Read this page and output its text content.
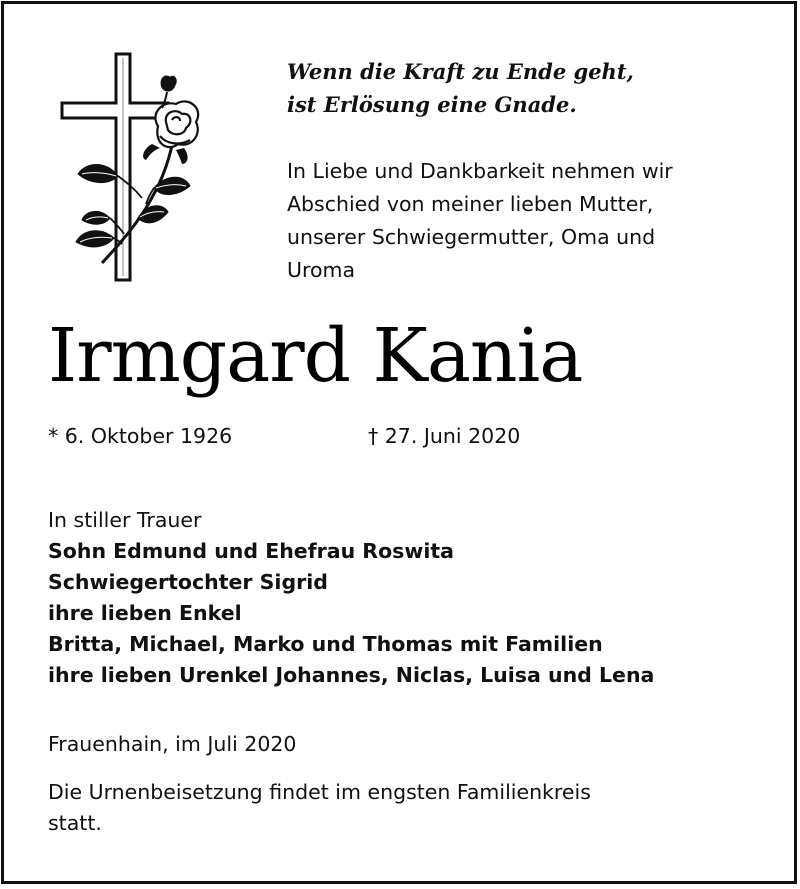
Wenn die Kraft zu Ende geht,
ist Erlösung eine Gnade.

In Liebe und Dankbarkeit nehmen wir
Abschied von meiner lieben Mutter,
unserer Schwiegermutter, Oma und
Uroma

Irmgard Kania

* 6. Oktober 1926	† 27. Juni 2020

In stiller Trauer
Sohn Edmund und Ehefrau Roswita
Schwiegertochter Sigrid
ihre lieben Enkel
Britta, Michael, Marko und Thomas mit Familien
ihre lieben Urenkel Johannes, Niclas, Luisa und Lena

Frauenhain, im Juli 2020

Die Urnenbeisetzung findet im engsten Familienkreis
statt.
